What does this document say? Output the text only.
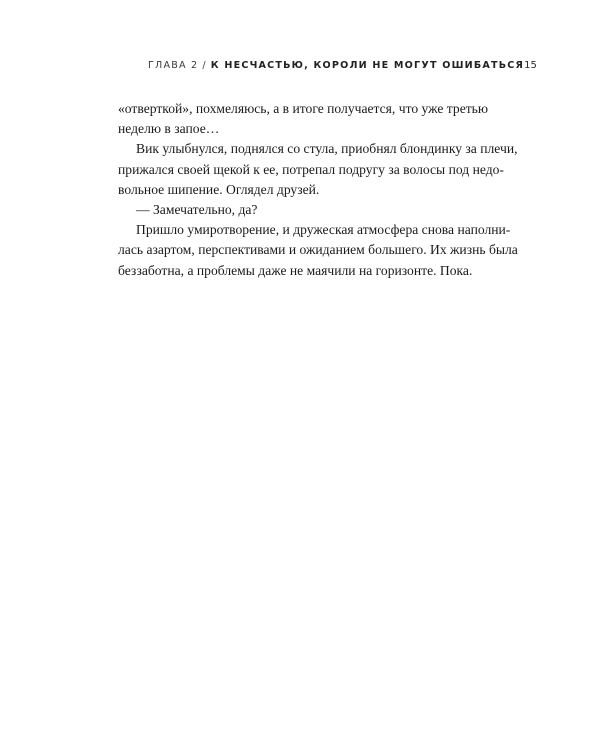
ГЛАВА 2 / К НЕСЧАСТЬЮ, КОРОЛИ НЕ МОГУТ ОШИБАТЬСЯ 15
«отверткой», похмеляюсь, а в итоге получается, что уже третью
неделю в запое…
Вик улыбнулся, поднялся со стула, приобнял блондинку за плечи,
прижался своей щекой к ее, потрепал подругу за волосы под недо-
вольное шипение. Оглядел друзей.
— Замечательно, да?
Пришло умиротворение, и дружеская атмосфера снова наполни-
лась азартом, перспективами и ожиданием большего. Их жизнь была
беззаботна, а проблемы даже не маячили на горизонте. Пока.
